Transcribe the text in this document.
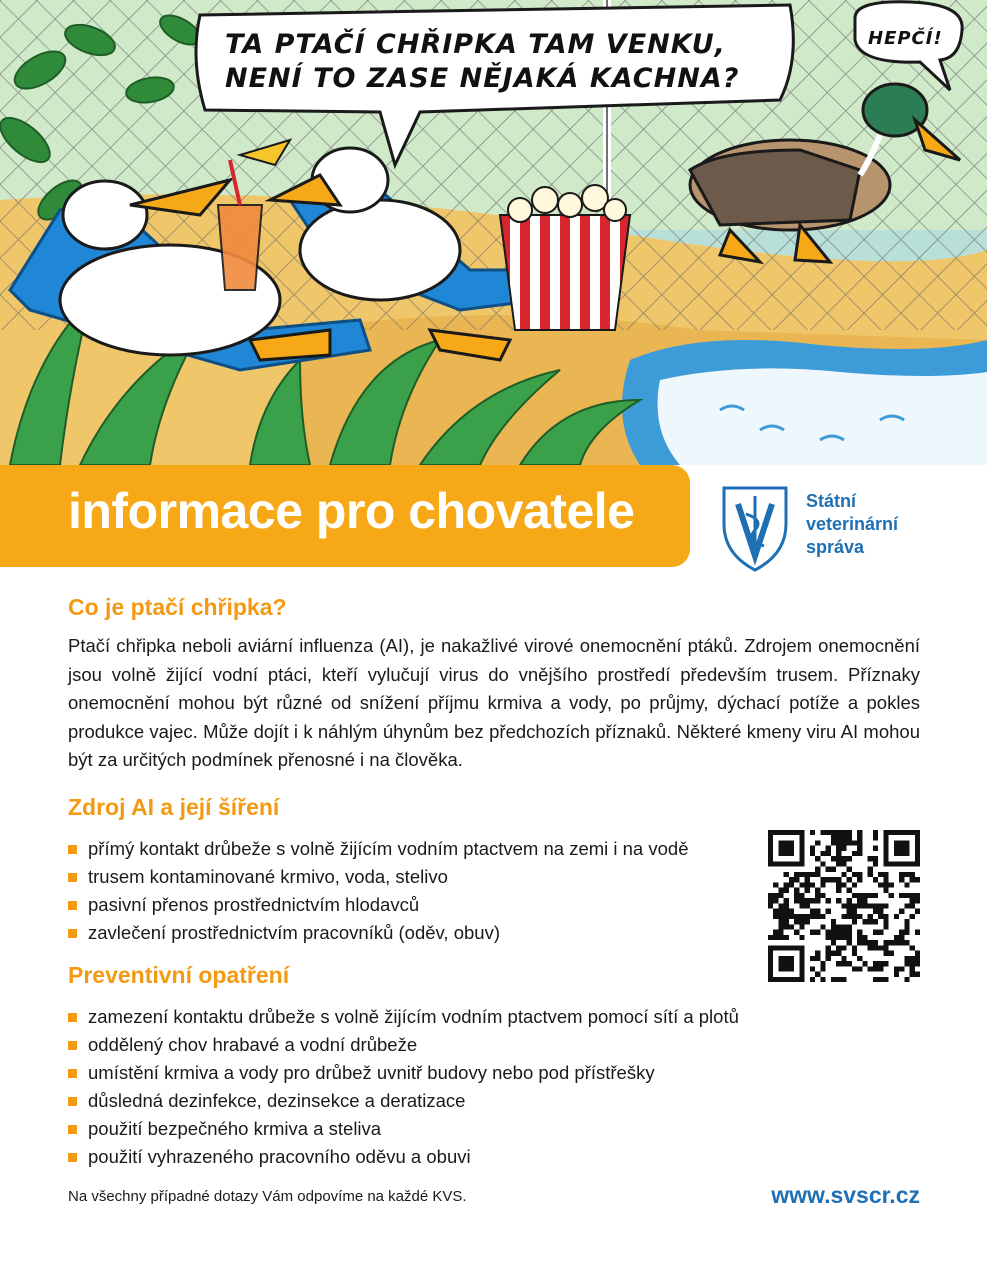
TA PTAČÍ CHŘIPKA TAM VENKU, NENÍ TO ZASE NĚJAKÁ KACHNA?
HEPČÍ!
informace pro chovatele	Státní
veterinární
správa
Co je ptačí chřipka?
Ptačí chřipka neboli aviární influenza (AI), je nakažlivé virové onemocnění ptáků. Zdrojem onemocnění jsou volně žijící vodní ptáci, kteří vylučují virus do vnějšího prostředí především trusem. Příznaky onemocnění mohou být různé od snížení příjmu krmiva a vody, po průjmy, dýchací potíže a pokles produkce vajec. Může dojít i k náhlým úhynům bez předchozích příznaků. Některé kmeny viru AI mohou být za určitých podmínek přenosné i na člověka.
Zdroj AI a její šíření
přímý kontakt drůbeže s volně žijícím vodním ptactvem na zemi i na vodě
trusem kontaminované krmivo, voda, stelivo
pasivní přenos prostřednictvím hlodavců
zavlečení prostřednictvím pracovníků (oděv, obuv)
Preventivní opatření
zamezení kontaktu drůbeže s volně žijícím vodním ptactvem pomocí sítí a plotů
oddělený chov hrabavé a vodní drůbeže
umístění krmiva a vody pro drůbež uvnitř budovy nebo pod přístřešky
důsledná dezinfekce, dezinsekce a deratizace
použití bezpečného krmiva a steliva
použití vyhrazeného pracovního oděvu a obuvi
Na všechny případné dotazy Vám odpovíme na každé KVS.	www.svscr.cz
